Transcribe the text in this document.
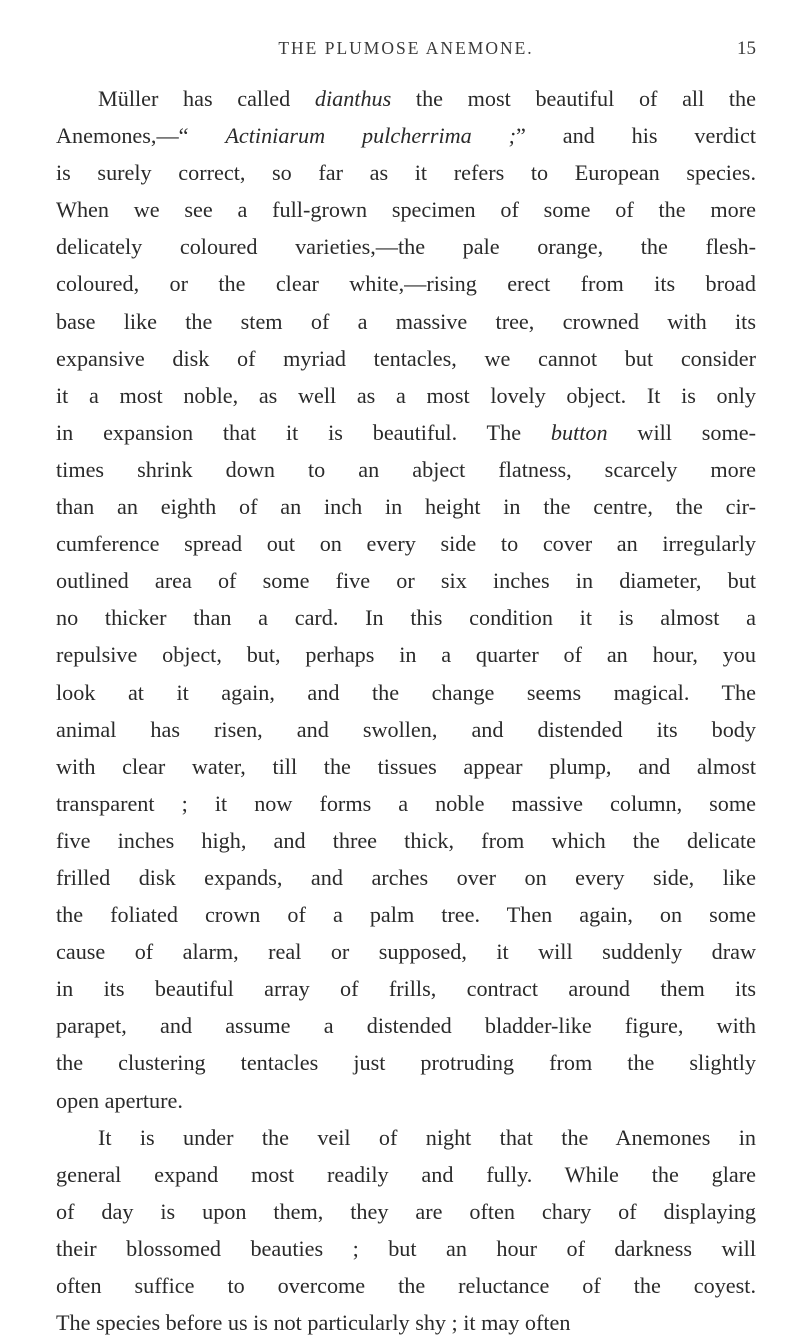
THE PLUMOSE ANEMONE.	15
Müller has called dianthus the most beautiful of all the
Anemones,—“ Actiniarum pulcherrima ;” and his verdict
is surely correct, so far as it refers to European species.
When we see a full-grown specimen of some of the more
delicately coloured varieties,—the pale orange, the flesh-
coloured, or the clear white,—rising erect from its broad
base like the stem of a massive tree, crowned with its
expansive disk of myriad tentacles, we cannot but consider
it a most noble, as well as a most lovely object. It is only
in expansion that it is beautiful. The button will some-
times shrink down to an abject flatness, scarcely more
than an eighth of an inch in height in the centre, the cir-
cumference spread out on every side to cover an irregularly
outlined area of some five or six inches in diameter, but
no thicker than a card. In this condition it is almost a
repulsive object, but, perhaps in a quarter of an hour, you
look at it again, and the change seems magical. The
animal has risen, and swollen, and distended its body
with clear water, till the tissues appear plump, and almost
transparent ; it now forms a noble massive column, some
five inches high, and three thick, from which the delicate
frilled disk expands, and arches over on every side, like
the foliated crown of a palm tree. Then again, on some
cause of alarm, real or supposed, it will suddenly draw
in its beautiful array of frills, contract around them its
parapet, and assume a distended bladder-like figure, with
the clustering tentacles just protruding from the slightly
open aperture.
It is under the veil of night that the Anemones in
general expand most readily and fully. While the glare
of day is upon them, they are often chary of displaying
their blossomed beauties ; but an hour of darkness will
often suffice to overcome the reluctance of the coyest.
The species before us is not particularly shy ; it may often
